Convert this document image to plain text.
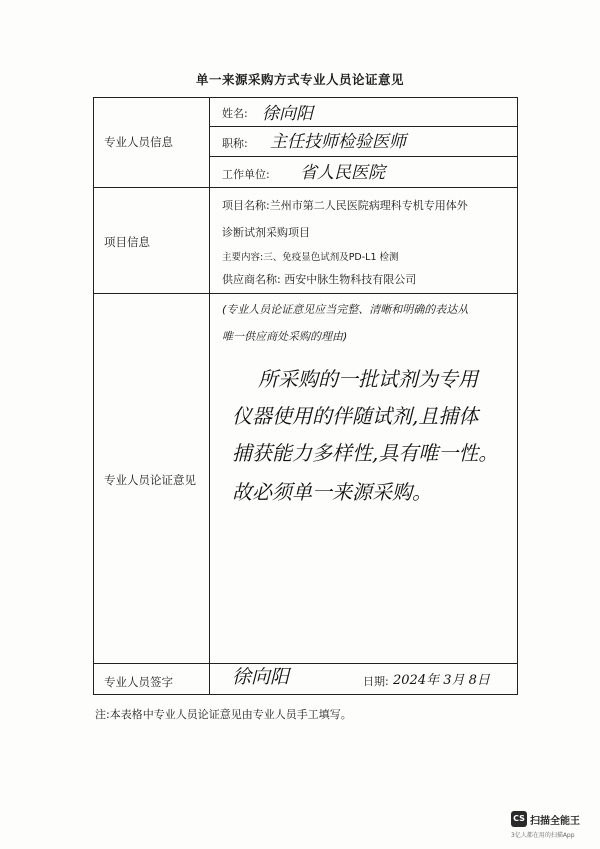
单一来源采购方式专业人员论证意见
专业人员信息
项目信息
专业人员论证意见
专业人员签字
姓名: 徐向阳
职称: 主任技师检验医师
工作单位: 省人民医院
项目名称:兰州市第二人民医院病理科专机专用体外
诊断试剂采购项目
主要内容:三、免疫显色试剂及PD-L1 检测
供应商名称: 西安中脉生物科技有限公司
(专业人员论证意见应当完整、清晰和明确的表达从
唯一供应商处采购的理由)
所采购的一批试剂为专用
仪器使用的伴随试剂,且捕体
捕获能力多样性,具有唯一性。
故必须单一来源采购。
徐向阳	日期: 2024年 3月 8日
注:本表格中专业人员论证意见由专业人员手工填写。
CS 扫描全能王
3亿人都在用的扫描App
